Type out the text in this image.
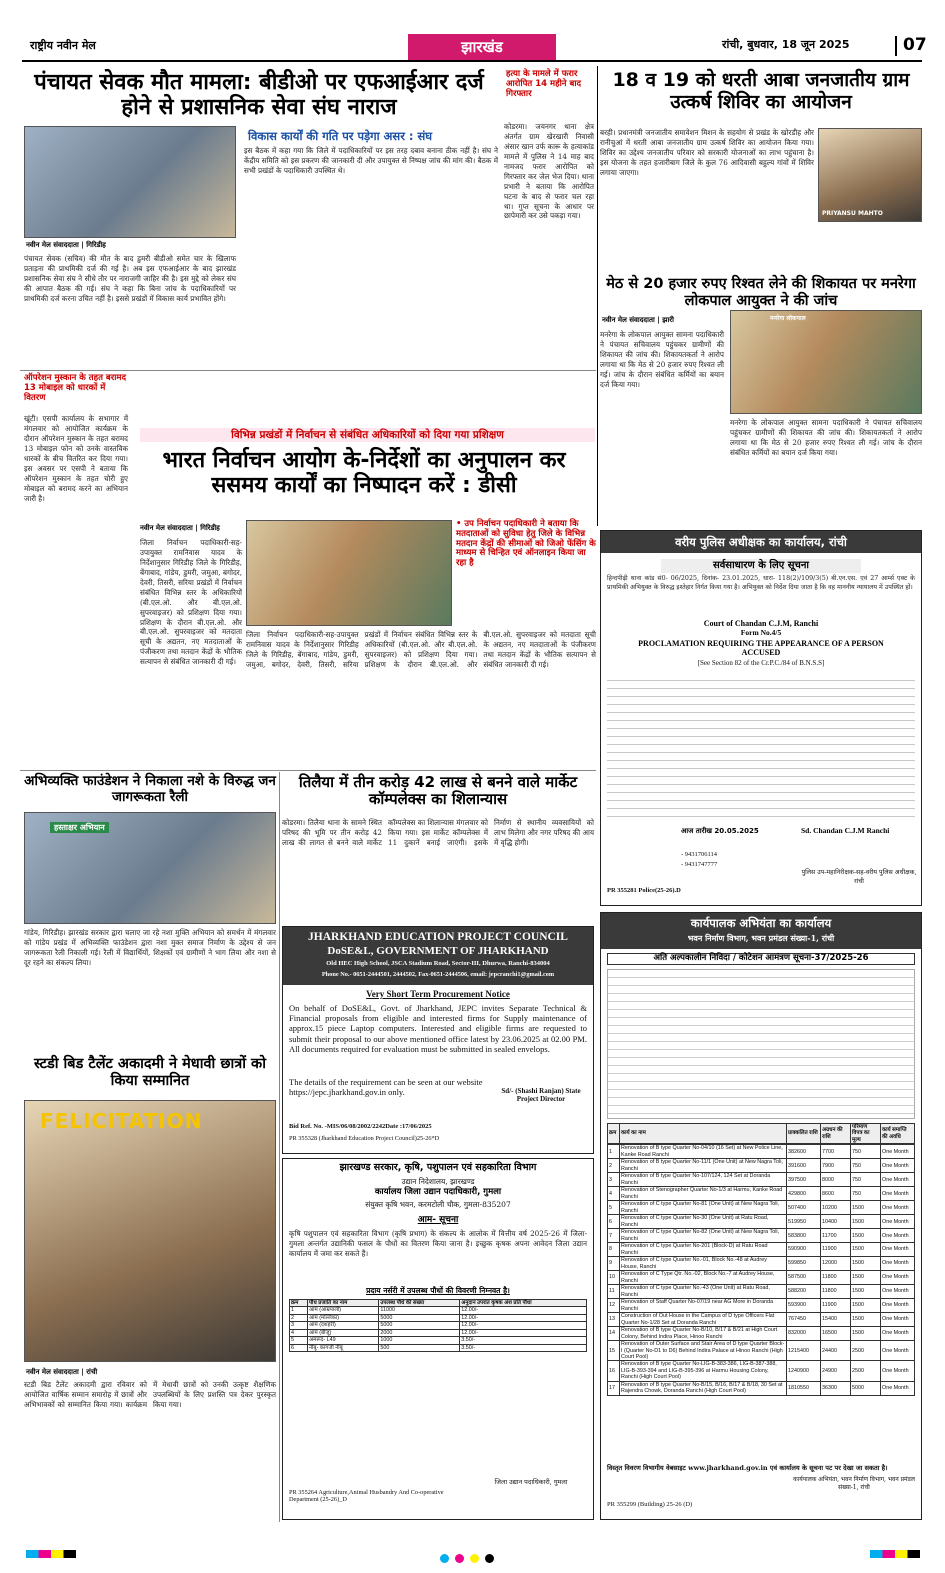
राष्ट्रीय नवीन मेल	झारखंड	रांची, बुधवार, 18 जून 2025	07
पंचायत सेवक मौत मामला: बीडीओ पर एफआईआर दर्ज होने से प्रशासनिक सेवा संघ नाराज
नवीन मेल संवाददाता | गिरिडीह
विकास कार्यों की गति पर पड़ेगा असर : संघ
इस बैठक में कहा गया कि जिले में पदाधिकारियों पर इस तरह दबाव बनाना ठीक नहीं है। संघ ने केंद्रीय समिति को इस प्रकरण की जानकारी दी और उपायुक्त से निष्पक्ष जांच की मांग की। बैठक में सभी प्रखंडों के पदाधिकारी उपस्थित थे।
पंचायत सेवक (सचिव) की मौत के बाद डुमरी बीडीओ समेत चार के खिलाफ प्रताड़ना की प्राथमिकी दर्ज की गई है। अब इस एफआईआर के बाद झारखंड प्रशासनिक सेवा संघ ने सीधे तौर पर नाराजगी जाहिर की है। इस मुद्दे को लेकर संघ की आपात बैठक की गई। संघ ने कहा कि बिना जांच के पदाधिकारियों पर प्राथमिकी दर्ज करना उचित नहीं है। इससे प्रखंडों में विकास कार्य प्रभावित होंगे।
हत्या के मामले में फरार आरोपित 14 महीने बाद गिरफ्तार
कोडरमा। जयनगर थाना क्षेत्र अंतर्गत ग्राम खेरखारी निवासी अंसार खान उर्फ कारू के हत्याकांड मामले में पुलिस ने 14 माह बाद नामजद फरार आरोपित को गिरफ्तार कर जेल भेज दिया। थाना प्रभारी ने बताया कि आरोपित घटना के बाद से फरार चल रहा था। गुप्त सूचना के आधार पर छापेमारी कर उसे पकड़ा गया।
18 व 19 को धरती आबा जनजातीय ग्राम उत्कर्ष शिविर का आयोजन
बरही। प्रधानमंत्री जनजातीय समावेशन मिशन के सहयोग से प्रखंड के खोरडीह और रानीचुआं में धरती आबा जनजातीय ग्राम उत्कर्ष शिविर का आयोजन किया गया। शिविर का उद्देश्य जनजातीय परिवार को सरकारी योजनाओं का लाभ पहुंचाना है। इस योजना के तहत हजारीबाग जिले के कुल 76 आदिवासी बहुल्य गांवों में शिविर लगाया जाएगा।
PRIYANSU MAHTO
मेठ से 20 हजार रुपए रिश्वत लेने की शिकायत पर मनरेगा लोकपाल आयुक्त ने की जांच
नवीन मेल संवाददाता | झारी	मनरेगा लोकपाल
मनरेगा के लोकपाल आयुक्त सामना पदाधिकारी ने पंचायत सचिवालय पहुंचकर ग्रामीणों की शिकायत की जांच की। शिकायतकर्ता ने आरोप लगाया था कि मेठ से 20 हजार रुपए रिश्वत ली गई। जांच के दौरान संबंधित कर्मियों का बयान दर्ज किया गया।
मनरेगा के लोकपाल आयुक्त सामना पदाधिकारी ने पंचायत सचिवालय पहुंचकर ग्रामीणों की शिकायत की जांच की। शिकायतकर्ता ने आरोप लगाया था कि मेठ से 20 हजार रुपए रिश्वत ली गई। जांच के दौरान संबंधित कर्मियों का बयान दर्ज किया गया।
ऑपरेशन मुस्कान के तहत बरामद 13 मोबाइल को धारकों में वितरण
खूंटी। एसपी कार्यालय के सभागार में मंगलवार को आयोजित कार्यक्रम के दौरान ऑपरेशन मुस्कान के तहत बरामद 13 मोबाइल फोन को उनके वास्तविक धारकों के बीच वितरित कर दिया गया। इस अवसर पर एसपी ने बताया कि ऑपरेशन मुस्कान के तहत चोरी हुए मोबाइल को बरामद करने का अभियान जारी है।
विभिन्न प्रखंडों में निर्वाचन से संबंधित अधिकारियों को दिया गया प्रशिक्षण
भारत निर्वाचन आयोग के-निर्देशों का अनुपालन कर ससमय कार्यों का निष्पादन करें : डीसी
नवीन मेल संवाददाता | गिरिडीह	• उप निर्वाचन पदाधिकारी ने बताया कि मतदाताओं को सुविधा हेतु जिले के विभिन्न मतदान केंद्रों की सीमाओं को जिओ फेंसिंग के माध्यम से चिन्हित एवं ऑनलाइन किया जा रहा है
जिला निर्वाचन पदाधिकारी-सह-उपायुक्त रामनिवास यादव के निर्देशानुसार गिरिडीह जिले के गिरिडीह, बेंगाबाद, गांडेय, डुमरी, जमुआ, बगोदर, देवरी, तिसरी, सरिया प्रखंडों में निर्वाचन संबंधित विभिन्न स्तर के अधिकारियों (बी.एल.ओ. और बी.एल.ओ. सुपरवाइजर) को प्रशिक्षण दिया गया। प्रशिक्षण के दौरान बी.एल.ओ. और बी.एल.ओ. सुपरवाइजर को मतदाता सूची के अद्यतन, नए मतदाताओं के पंजीकरण तथा मतदान केंद्रों के भौतिक सत्यापन से संबंधित जानकारी दी गई।
जिला निर्वाचन पदाधिकारी-सह-उपायुक्त रामनिवास यादव के निर्देशानुसार गिरिडीह जिले के गिरिडीह, बेंगाबाद, गांडेय, डुमरी, जमुआ, बगोदर, देवरी, तिसरी, सरिया प्रखंडों में निर्वाचन संबंधित विभिन्न स्तर के अधिकारियों (बी.एल.ओ. और बी.एल.ओ. सुपरवाइजर) को प्रशिक्षण दिया गया। प्रशिक्षण के दौरान बी.एल.ओ. और बी.एल.ओ. सुपरवाइजर को मतदाता सूची के अद्यतन, नए मतदाताओं के पंजीकरण तथा मतदान केंद्रों के भौतिक सत्यापन से संबंधित जानकारी दी गई।
अभिव्यक्ति फाउंडेशन ने निकाला नशे के विरुद्ध जन जागरूकता रैली
हस्ताक्षर अभियान
गांडेय, गिरिडीह। झारखंड सरकार द्वारा चलाए जा रहे नशा मुक्ति अभियान को समर्थन में मंगलवार को गांडेय प्रखंड में अभिव्यक्ति फाउंडेशन द्वारा नशा मुक्त समाज निर्माण के उद्देश्य से जन जागरूकता रैली निकाली गई। रैली में विद्यार्थियों, शिक्षकों एवं ग्रामीणों ने भाग लिया और नशा से दूर रहने का संकल्प लिया।
तिलैया में तीन करोड़ 42 लाख से बनने वाले मार्केट कॉम्पलेक्स का शिलान्यास
कोडरमा। तिलैया थाना के सामने स्थित परिषद की भूमि पर तीन करोड़ 42 लाख की लागत से बनने वाले मार्केट कॉम्पलेक्स का शिलान्यास मंगलवार को किया गया। इस मार्केट कॉम्पलेक्स में 11 दुकानें बनाई जाएंगी। इसके निर्माण से स्थानीय व्यवसायियों को लाभ मिलेगा और नगर परिषद की आय में वृद्धि होगी।
JHARKHAND EDUCATION PROJECT COUNCIL
DoSE&L, GOVERNMENT OF JHARKHAND
Old HEC High School, JSCA Stadium Road, Sector-III, Dhurwa, Ranchi-834004
Phone No.- 0651-2444501, 2444502, Fax-0651-2444506, email: jepcranchi1@gmail.com
Very Short Term Procurement Notice
On behalf of DoSE&L, Govt. of Jharkhand, JEPC invites Separate Technical & Financial proposals from eligible and interested firms for Supply maintenance of approx.15 piece Laptop computers. Interested and eligible firms are requested to submit their proposal to our above mentioned office latest by 23.06.2025 at 02.00 PM. All documents required for evaluation must be submitted in sealed envelops.
The details of the requirement can be seen at our website https://jepc.jharkhand.gov.in only.	Sd/- (Shashi Ranjan) State Project Director
Bid Ref. No. -MIS/06/08/2002/2242Date :17/06/2025
PR 355328 (Jharkhand Education Project Council)25-26*D
स्टडी बिड टैलेंट अकादमी ने मेधावी छात्रों को किया सम्मानित
FELICITATION
नवीन मेल संवाददाता | रांची
स्टडी बिड टैलेंट अकादमी द्वारा रविवार को आयोजित वार्षिक सम्मान समारोह में छात्रों और अभिभावकों को सम्मानित किया गया। कार्यक्रम में मेधावी छात्रों को उनकी उत्कृष्ट शैक्षणिक उपलब्धियों के लिए प्रशस्ति पत्र देकर पुरस्कृत किया गया।
झारखण्ड सरकार, कृषि, पशुपालन एवं सहकारिता विभाग
उद्यान निदेशालय, झारखण्ड
कार्यालय जिला उद्यान पदाधिकारी, गुमला
संयुक्त कृषि भवन, करमटोली चौक, गुमला-835207
आम- सूचना
कृषि पशुपालन एवं सहकारिता विभाग (कृषि प्रभाग) के संकल्प के आलोक में वित्तीय वर्ष 2025-26 में जिला- गुमला अन्तर्गत उद्यानिकी फसल के पौधों का वितरण किया जाना है। इच्छुक कृषक अपना आवेदन जिला उद्यान कार्यालय में जमा कर सकते हैं।
प्रदाय नर्सरी में उपलब्ध पौधों की विवरणी निम्नवत है।
क्रम	पौध प्रजाति का नाम	उपलब्ध पौधे की संख्या	अनुदान उपरांत कृषक अंश प्रति पौधा
1	आम (आम्रपाली)	11000	12.00/-
2	आम (मल्लिका)	5000	12.00/-
3	आम (दशहरी)	5000	12.00/-
4	आम (बीजू)	2000	12.00/-
5	अमरूद- L49	1000	3.50/-
6	नींबू- कागजी नींबू	500	3.50/-
जिला उद्यान पदाधिकारी, गुमला
PR 355264 Agriculture,Animal Husbandry And Co-operative Department (25-26)_D
वरीय पुलिस अधीक्षक का कार्यालय, रांची
सर्वसाधारण के लिए सूचना
हिन्दपीढ़ी थाना कांड सं0- 06/2025, दिनांक- 23.01.2025, धारा- 118(2)/109/3(5) बी.एन.एस. एवं 27 आर्म्स एक्ट के प्राथमिकी अभियुक्त के विरुद्ध इश्तेहार निर्गत किया गया है। अभियुक्त को निर्देश दिया जाता है कि वह माननीय न्यायालय में उपस्थित हों।
Court of Chandan C.J.M, Ranchi
Form No.4/5
PROCLAMATION REQUIRING THE APPEARANCE OF A PERSON ACCUSED
[See Section 82 of the Cr.P.C./84 of B.N.S.S]
आज तारीख 20.05.2025	Sd. Chandan C.J.M Ranchi
- 9431706114
- 9431747777
पुलिस उप-महानिरीक्षक-सह-वरीय पुलिस अधीक्षक, रांची
PR 355281 Police(25-26).D
कार्यपालक अभियंता का कार्यालय
भवन निर्माण विभाग, भवन प्रमंडल संख्या-1, रांची
अति अल्पकालीन निविदा / कोटेशन आमंत्रण सूचना-37/2025-26
क्रम	कार्य का नाम	प्राक्कलित राशि	अग्रधन की राशि	परिमाण विपत्र का मूल्य	कार्य समाप्ति की अवधि
1	Renovation of B type Quarter No-04/10 (16 Set) at New Police Line, Kanke Road Ranchi	382600	7700	750	One Month
2	Renovation of B type Quarter No-11/1 (One Unit) at New Nagra Toli, Ranchi	391600	7900	750	One Month
3	Renovation of B type Quarter No-107/124, 124 Set at Doranda Ranchi	397500	8000	750	One Month
4	Renovation of Stenographer Quarter No-1/3 at Harmu, Kanke Road Ranchi	429800	8600	750	One Month
5	Renovation of C type Quarter No-81 (One Unit) at New Nagra Toli, Ranchi	507400	10200	1500	One Month
6	Renovation of C type Quarter No-30 (One Unit) at Ratu Road, Ranchi	519950	10400	1500	One Month
7	Renovation of C type Quarter No-82 (One Unit) at New Nagra Toli, Ranchi	583800	11700	1500	One Month
8	Renovation of C type Quarter No-201 (Block-D) at Ratu Road Ranchi	590900	11900	1500	One Month
9	Renovation of C type Quarter No.-01, Block No.-48 at Audrey House, Ranchi	599850	12000	1500	One Month
10	Renovation of C Type Qtr. No.-02, Block No.-7 at Audrey House, Ranchi	587500	11800	1500	One Month
11	Renovation of C type Quarter No.-43 (One Unit) at Ratu Road, Ranchi	588200	11800	1500	One Month
12	Renovation of Staff Quarter No-07/19 near AG More in Doranda Ranchi	593900	11900	1500	One Month
13	Construction of Out House in the Campus of D type Officers Flat Quarter No-1/28 Set at Doranda Ranchi	767450	15400	1500	One Month
14	Renovation of B type Quarter No-B/10, B/17 & B/21 at High Court Colony, Behind Indira Place, Hinoo Ranchi	832000	16500	1500	One Month
15	Renovation of Outer Surface and Stair Area of D type Quarter Block-I (Quarter No-D1 to D6) Behind Indira Palace at Hinoo Ranchi (High Court Pool)	1215400	24400	2500	One Month
16	Renovation of B type Quarter No-LIG-B-383-386, LIG-B-387-388, LIG-B-393-394 and LIG-B-395-396 at Harmu Housing Colony, Ranchi (High Court Pool)	1240900	24900	2500	One Month
17	Renovation of B type Quarter No-B/15, B/16, B/17 & B/18, 30 Set at Rajendra Chowk, Doranda Ranchi (High Court Pool)	1810550	36300	5000	One Month
विस्तृत विवरण विभागीय वेबसाइट www.jharkhand.gov.in एवं कार्यालय के सूचना पट पर देखा जा सकता है।
कार्यपालक अभियंता, भवन निर्माण विभाग, भवन प्रमंडल संख्या-1, रांची
PR 355299 (Building) 25-26 (D)
